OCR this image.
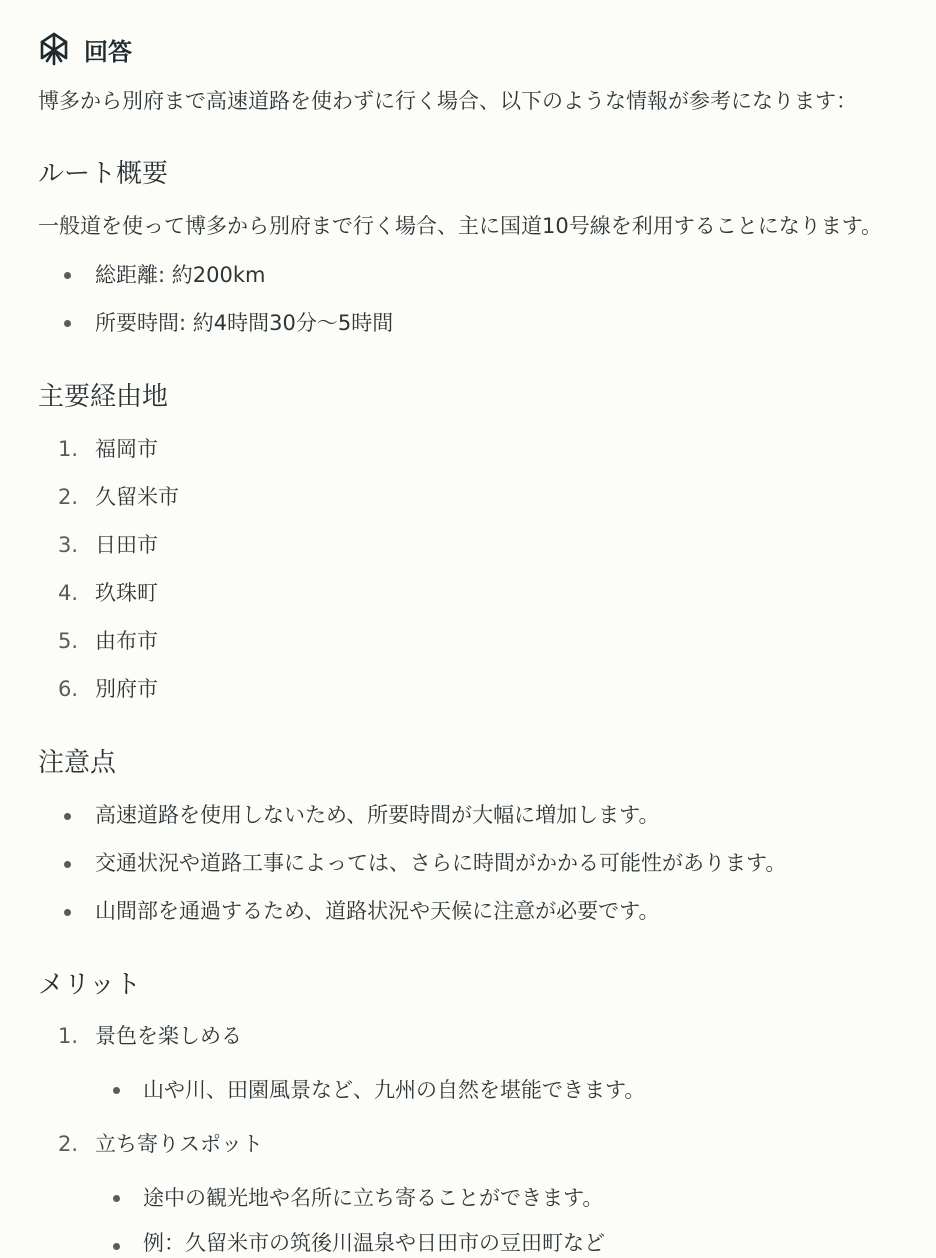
回答
博多から別府まで高速道路を使わずに行く場合、以下のような情報が参考になります：
ルート概要
一般道を使って博多から別府まで行く場合、主に国道10号線を利用することになります。
総距離: 約200km
所要時間: 約4時間30分〜5時間
主要経由地
1. 福岡市
2. 久留米市
3. 日田市
4. 玖珠町
5. 由布市
6. 別府市
注意点
高速道路を使用しないため、所要時間が大幅に増加します。
交通状況や道路工事によっては、さらに時間がかかる可能性があります。
山間部を通過するため、道路状況や天候に注意が必要です。
メリット
1. 景色を楽しめる
山や川、田園風景など、九州の自然を堪能できます。
2. 立ち寄りスポット
途中の観光地や名所に立ち寄ることができます。
例：久留米市の筑後川温泉や日田市の豆田町など
